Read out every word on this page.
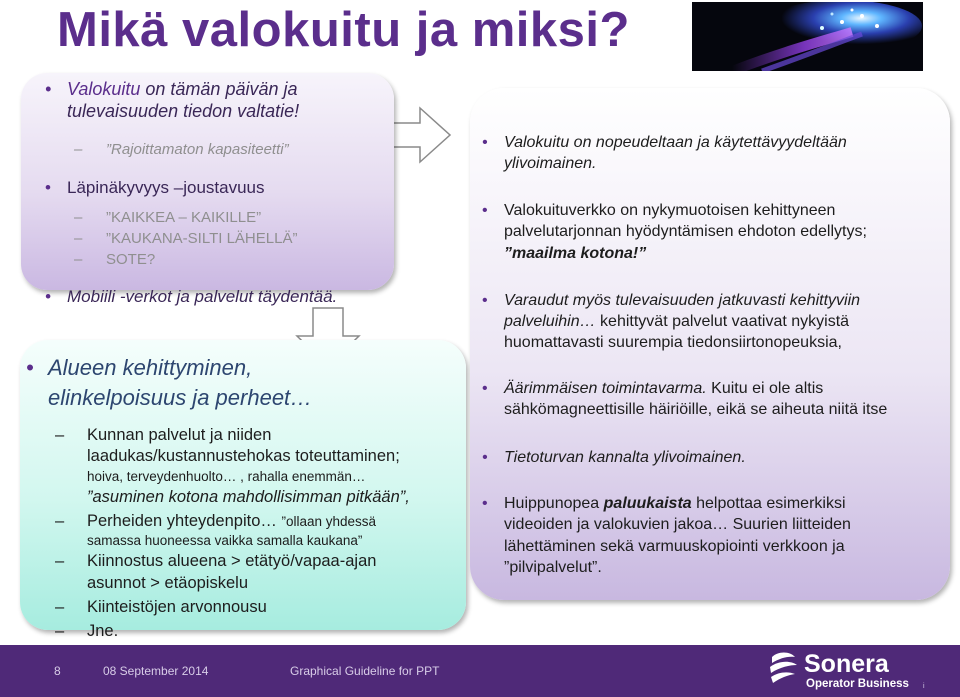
Mikä valokuitu ja miksi?
• Valokuitu on tämän päivän ja
tulevaisuuden tiedon valtatie!
– ”Rajoittamaton kapasiteetti”
• Läpinäkyvyys –joustavuus
– ”KAIKKEA – KAIKILLE”
– ”KAUKANA-SILTI LÄHELLÄ”
– SOTE?
• Mobiili -verkot ja palvelut täydentää.
• Alueen kehittyminen,
elinkelpoisuus ja perheet…
– Kunnan palvelut ja niiden
laadukas/kustannustehokas toteuttaminen;
hoiva, terveydenhuolto… , rahalla enemmän…
”asuminen kotona mahdollisimman pitkään”,
– Perheiden yhteydenpito… ”ollaan yhdessä
samassa huoneessa vaikka samalla kaukana”
– Kiinnostus alueena > etätyö/vapaa-ajan
asunnot > etäopiskelu
– Kiinteistöjen arvonnousu
– Jne.
• Valokuitu on nopeudeltaan ja käytettävyydeltään
ylivoimainen.
• Valokuituverkko on nykymuotoisen kehittyneen
palvelutarjonnan hyödyntämisen ehdoton edellytys;
”maailma kotona!”
• Varaudut myös tulevaisuuden jatkuvasti kehittyviin
palveluihin… kehittyvät palvelut vaativat nykyistä
huomattavasti suurempia tiedonsiirtonopeuksia,
• Äärimmäisen toimintavarma. Kuitu ei ole altis
sähkömagneettisille häiriöille, eikä se aiheuta niitä itse
• Tietoturvan kannalta ylivoimainen.
• Huippunopea paluukaista helpottaa esimerkiksi
videoiden ja valokuvien jakoa… Suurien liitteiden
lähettäminen sekä varmuuskopiointi verkkoon ja
”pilvipalvelut”.
8	08 September 2014	Graphical Guideline for PPT	Sonera
Operator Business i
